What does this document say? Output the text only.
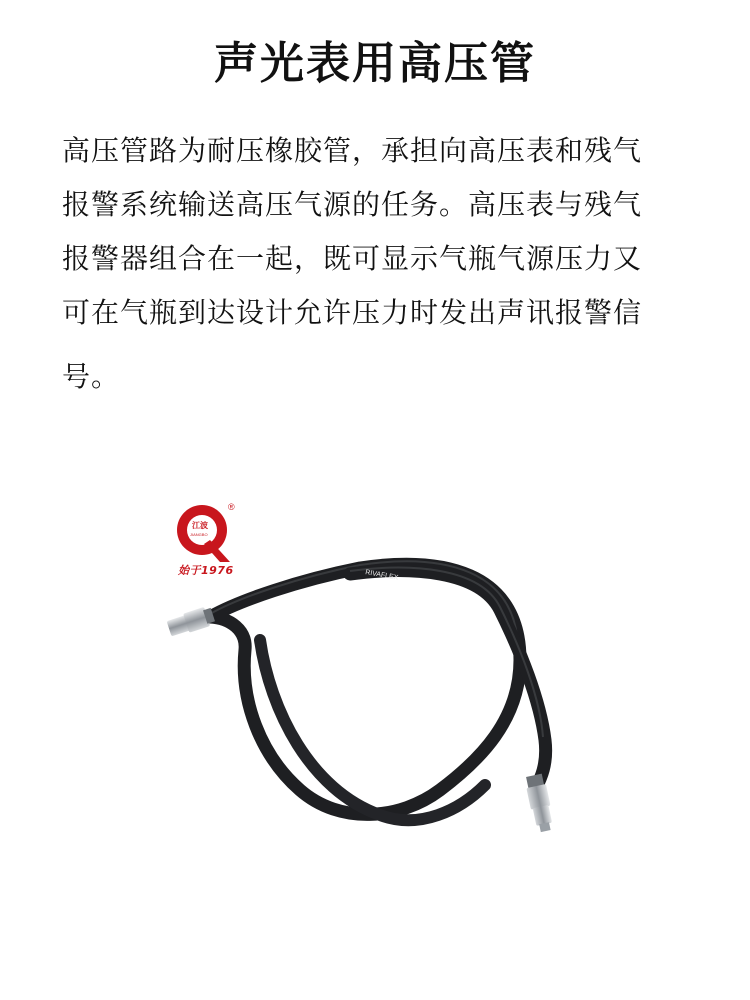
声光表用高压管
高压管路为耐压橡胶管，承担向高压表和残气
报警系统输送高压气源的任务。高压表与残气
报警器组合在一起，既可显示气瓶气源压力又
可在气瓶到达设计允许压力时发出声讯报警信
号。
RIVAFLEX
江波
JIANGBO
®
始于1976
